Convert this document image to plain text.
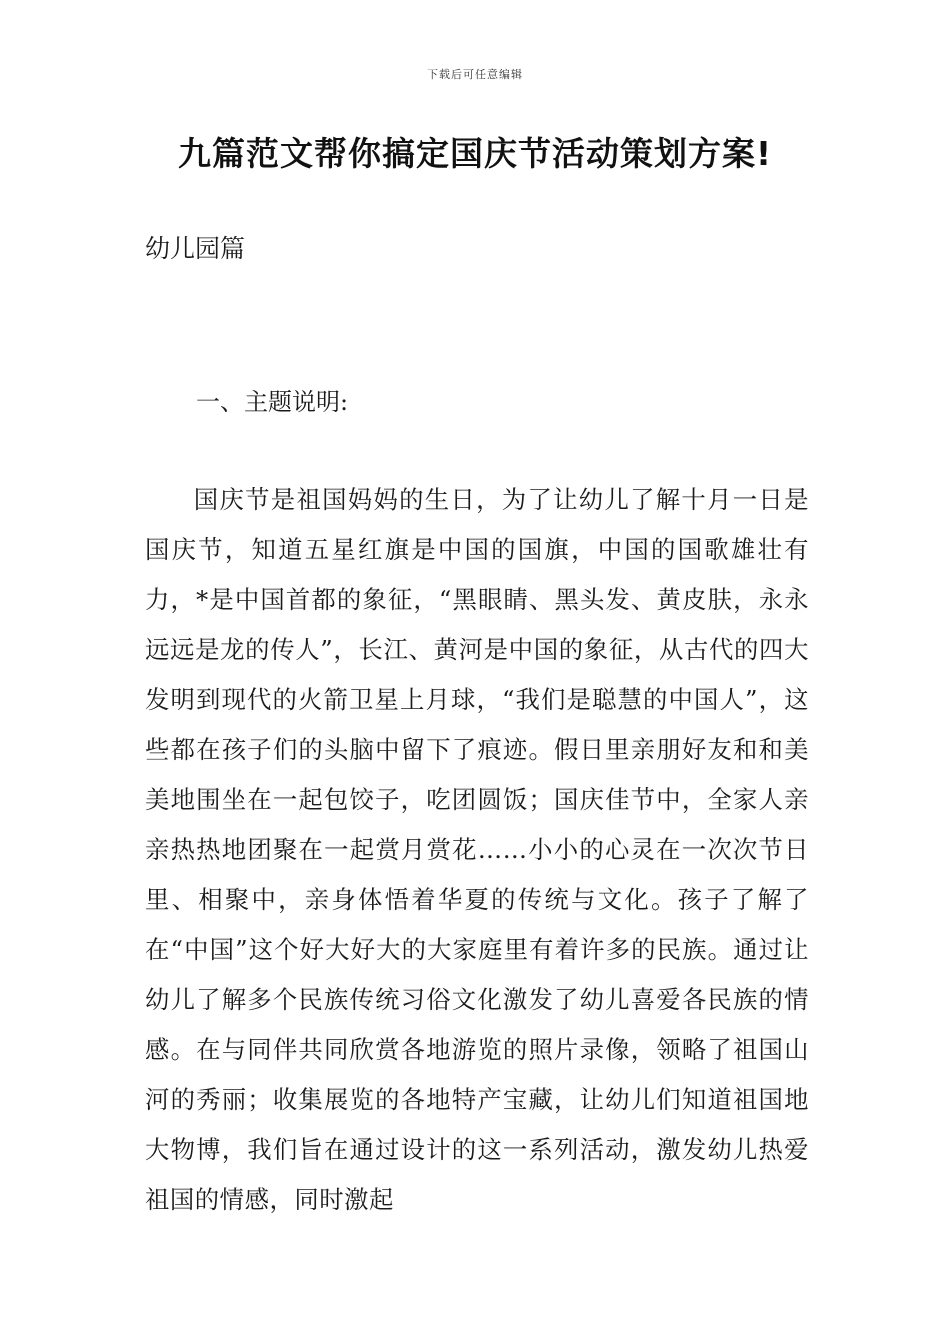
下载后可任意编辑
九篇范文帮你搞定国庆节活动策划方案!
幼儿园篇
一、主题说明:

国庆节是祖国妈妈的生日，为了让幼儿了解十月一日是国庆节，知道五星红旗是中国的国旗，中国的国歌雄壮有力，*是中国首都的象征，“黑眼睛、黑头发、黄皮肤，永永远远是龙的传人”，长江、黄河是中国的象征，从古代的四大发明到现代的火箭卫星上月球，“我们是聪慧的中国人”，这些都在孩子们的头脑中留下了痕迹。假日里亲朋好友和和美美地围坐在一起包饺子，吃团圆饭；国庆佳节中，全家人亲亲热热地团聚在一起赏月赏花……小小的心灵在一次次节日里、相聚中，亲身体悟着华夏的传统与文化。孩子了解了在“中国”这个好大好大的大家庭里有着许多的民族。通过让幼儿了解多个民族传统习俗文化激发了幼儿喜爱各民族的情感。在与同伴共同欣赏各地游览的照片录像，领略了祖国山河的秀丽；收集展览的各地特产宝藏，让幼儿们知道祖国地大物博，我们旨在通过设计的这一系列活动，激发幼儿热爱祖国的情感，同时激起
